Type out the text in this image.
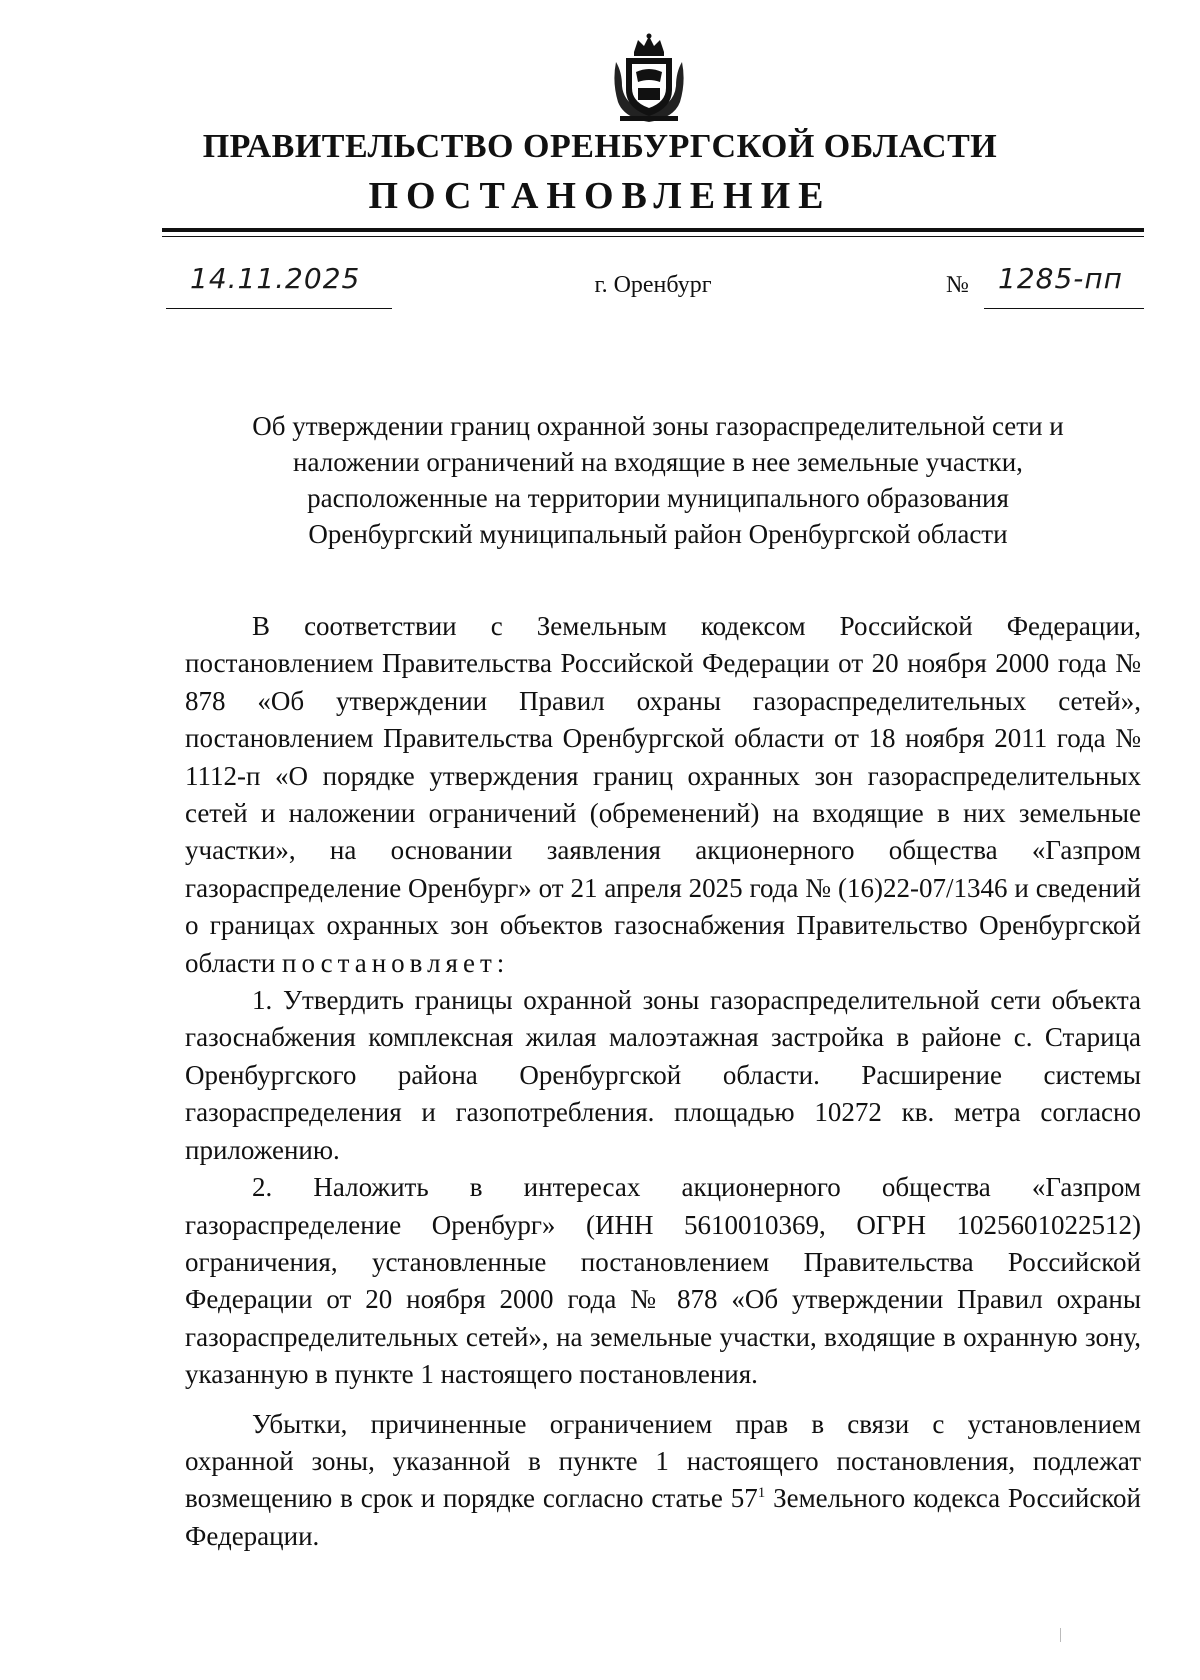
ПРАВИТЕЛЬСТВО ОРЕНБУРГСКОЙ ОБЛАСТИ
ПОСТАНОВЛЕНИЕ
14.11.2025	г. Оренбург	№ 1285-пп
Об утверждении границ охранной зоны газораспределительной сети и
наложении ограничений на входящие в нее земельные участки,
расположенные на территории муниципального образования
Оренбургский муниципальный район Оренбургской области

В соответствии с Земельным кодексом Российской Федерации, постановлением Правительства Российской Федерации от 20 ноября 2000 года № 878 «Об утверждении Правил охраны газораспределительных сетей», постановлением Правительства Оренбургской области от 18 ноября 2011 года № 1112-п «О порядке утверждения границ охранных зон газораспределительных сетей и наложении ограничений (обременений) на входящие в них земельные участки», на основании заявления акционерного общества «Газпром газораспределение Оренбург» от 21 апреля 2025 года № (16)22-07/1346 и сведений о границах охранных зон объектов газоснабжения Правительство Оренбургской области постановляет:

1. Утвердить границы охранной зоны газораспределительной сети объекта газоснабжения комплексная жилая малоэтажная застройка в районе с. Старица Оренбургского района Оренбургской области. Расширение системы газораспределения и газопотребления. площадью 10272 кв. метра согласно приложению.

2. Наложить в интересах акционерного общества «Газпром газораспределение Оренбург» (ИНН 5610010369, ОГРН 1025601022512) ограничения, установленные постановлением Правительства Российской Федерации от 20 ноября 2000 года № 878 «Об утверждении Правил охраны газораспределительных сетей», на земельные участки, входящие в охранную зону, указанную в пункте 1 настоящего постановления.

Убытки, причиненные ограничением прав в связи с установлением охранной зоны, указанной в пункте 1 настоящего постановления, подлежат возмещению в срок и порядке согласно статье $57^1$ Земельного кодекса Российской Федерации.
